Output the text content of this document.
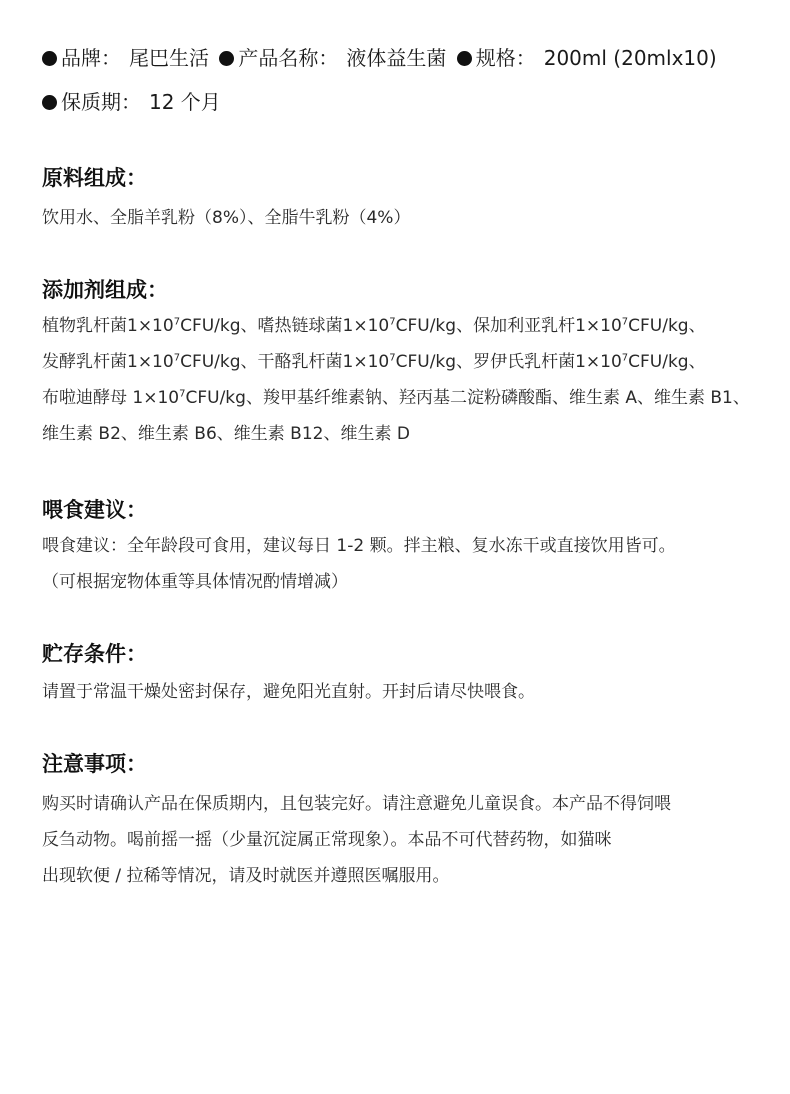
品牌： 尾巴生活 产品名称： 液体益生菌 规格： 200ml (20mlx10)
保质期： 12 个月
原料组成：
饮用水、全脂羊乳粉（8%）、全脂牛乳粉（4%）
添加剂组成：
植物乳杆菌$1\times 10^7CFU/kg$、嗜热链球菌$1\times 10^7CFU/kg$、保加利亚乳杆$1\times 10^7CFU/kg$、
发酵乳杆菌$1\times 10^7CFU/kg$、干酪乳杆菌$1\times 10^7CFU/kg$、罗伊氏乳杆菌$1\times 10^7CFU/kg$、
布啦迪酵母 $1\times 10^7CFU/kg$、羧甲基纤维素钠、羟丙基二淀粉磷酸酯、维生素 A、维生素 B1、
维生素 B2、维生素 B6、维生素 B12、维生素 D
喂食建议：
喂食建议：全年龄段可食用，建议每日 1-2 颗。拌主粮、复水冻干或直接饮用皆可。
（可根据宠物体重等具体情况酌情增减）
贮存条件：
请置于常温干燥处密封保存，避免阳光直射。开封后请尽快喂食。
注意事项：
购买时请确认产品在保质期内，且包装完好。请注意避免儿童误食。本产品不得饲喂
反刍动物。喝前摇一摇（少量沉淀属正常现象）。本品不可代替药物，如猫咪
出现软便 / 拉稀等情况，请及时就医并遵照医嘱服用。
